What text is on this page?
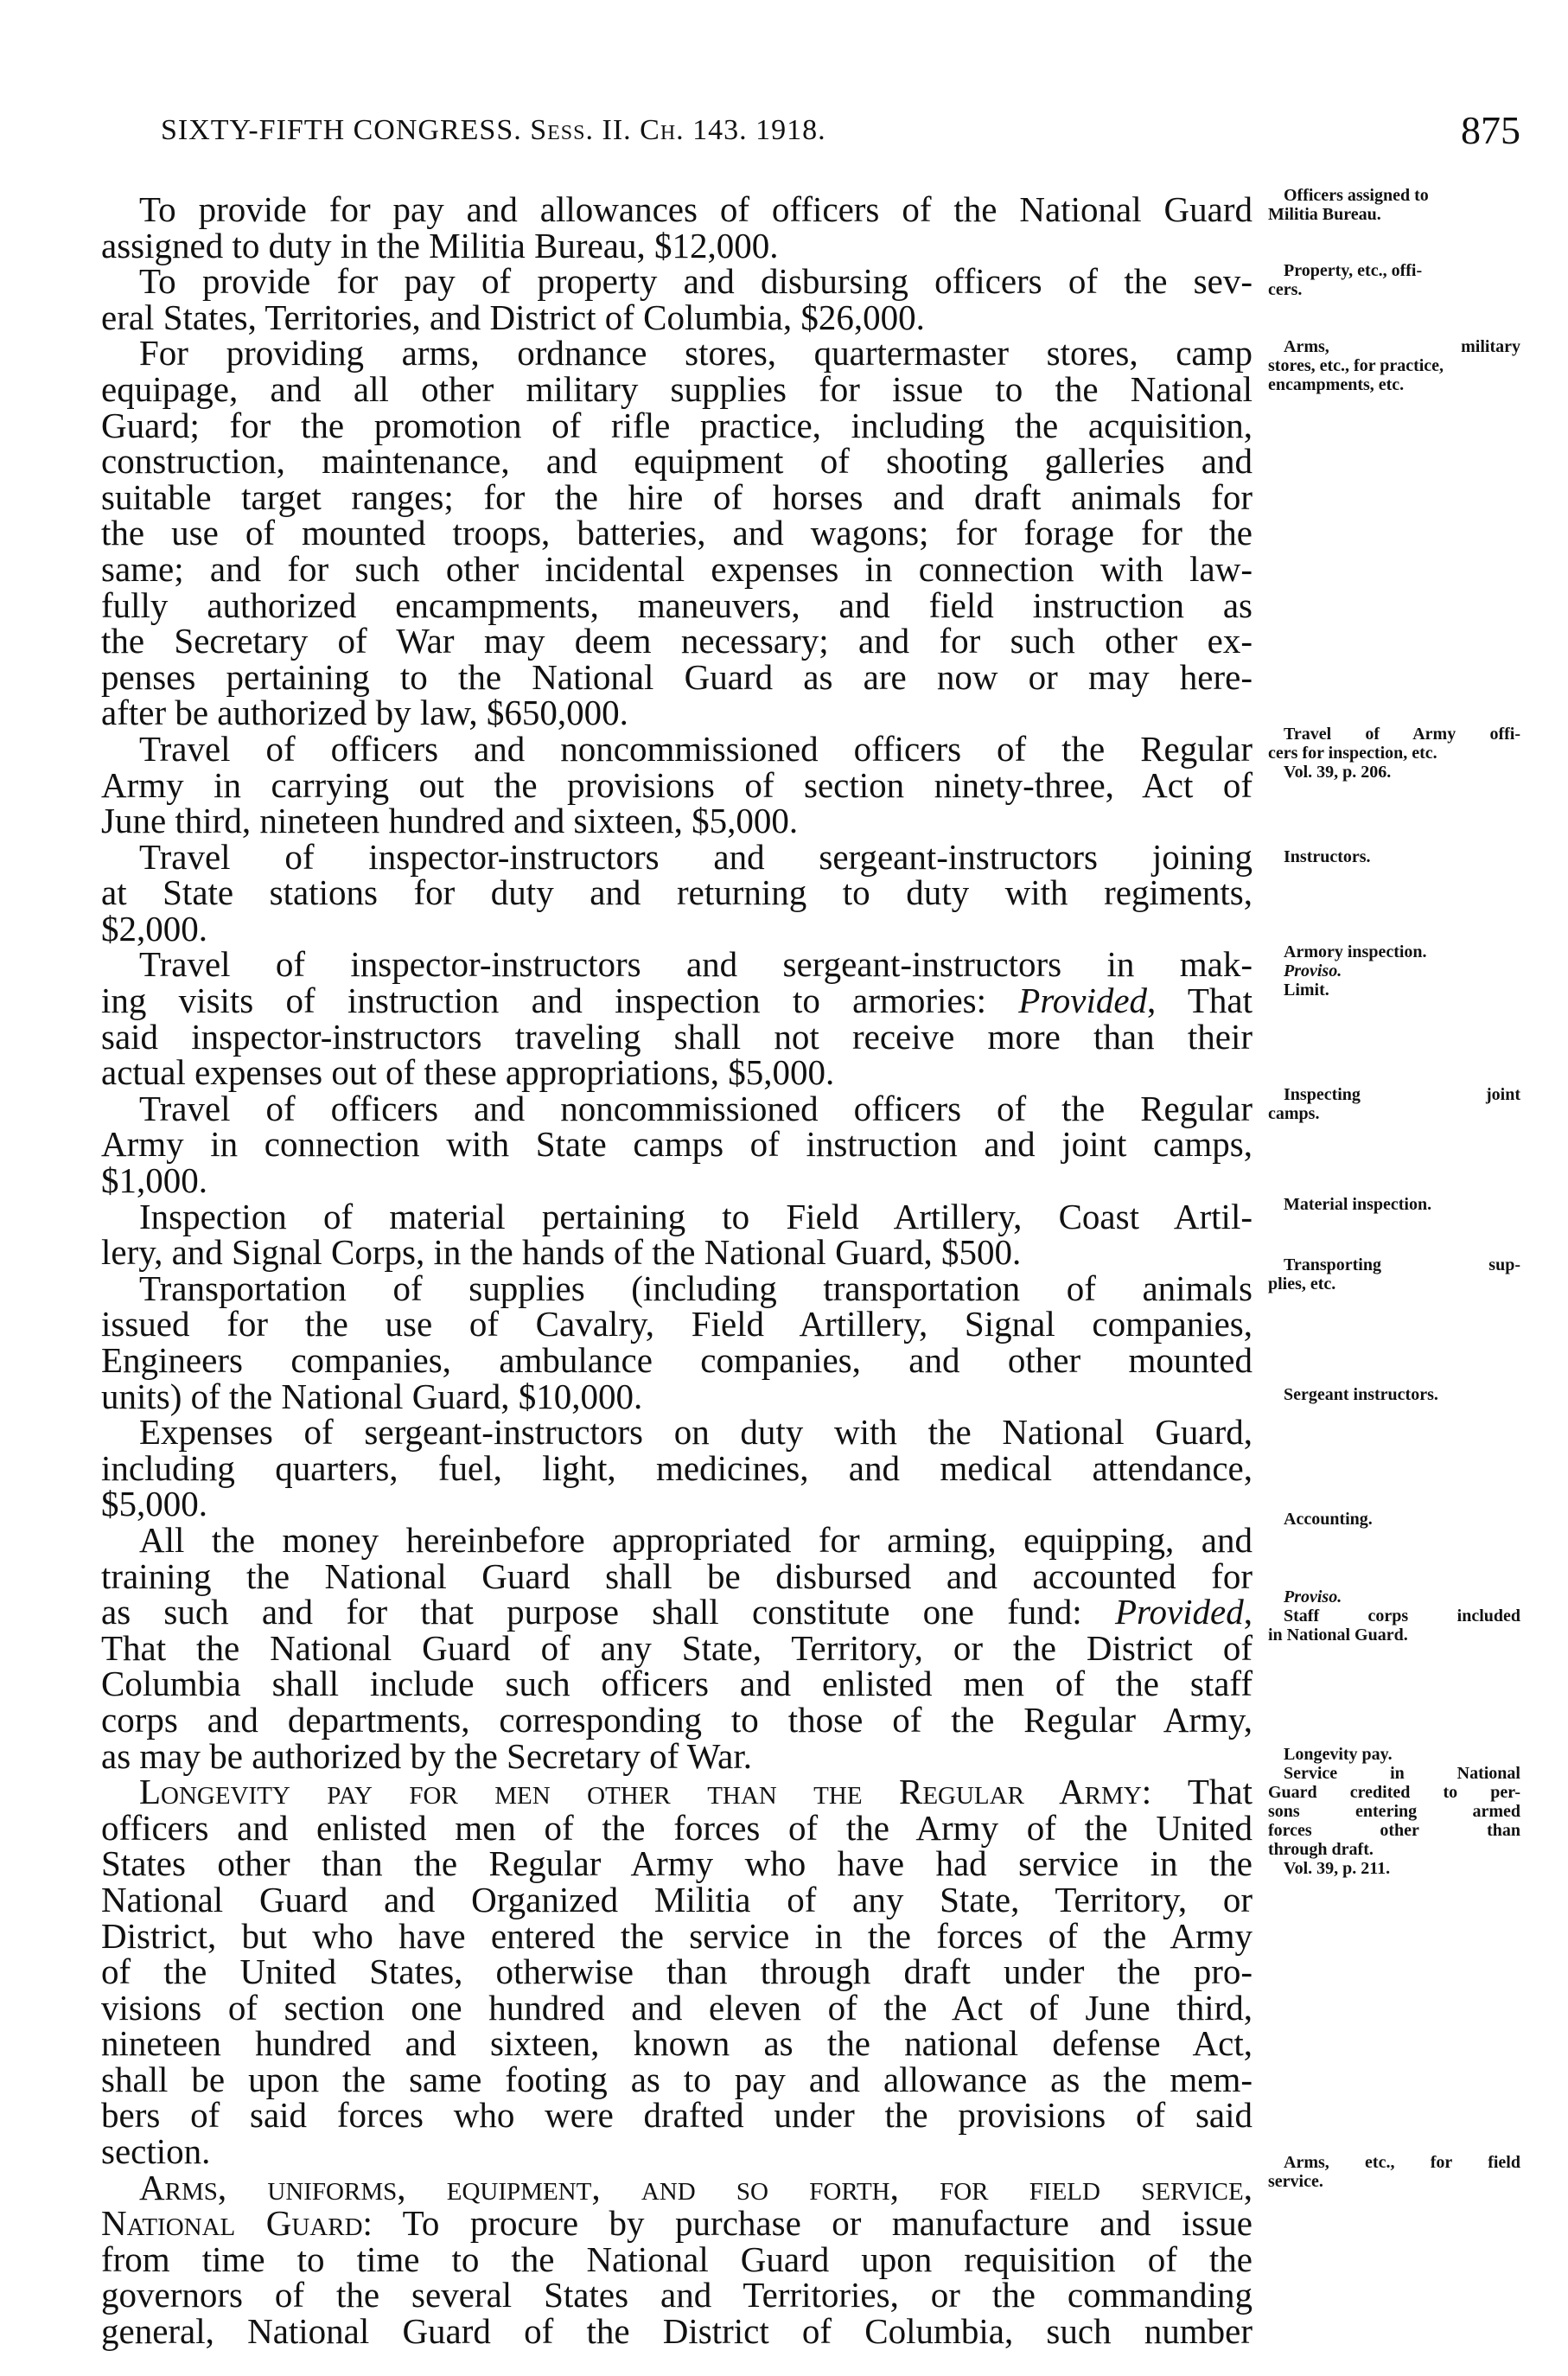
SIXTY-FIFTH CONGRESS. Sess. II. Ch. 143. 1918.	875
To provide for pay and allowances of officers of the National Guard
assigned to duty in the Militia Bureau, $12,000.
To provide for pay of property and disbursing officers of the sev-
eral States, Territories, and District of Columbia, $26,000.
For providing arms, ordnance stores, quartermaster stores, camp
equipage, and all other military supplies for issue to the National
Guard; for the promotion of rifle practice, including the acquisition,
construction, maintenance, and equipment of shooting galleries and
suitable target ranges; for the hire of horses and draft animals for
the use of mounted troops, batteries, and wagons; for forage for the
same; and for such other incidental expenses in connection with law-
fully authorized encampments, maneuvers, and field instruction as
the Secretary of War may deem necessary; and for such other ex-
penses pertaining to the National Guard as are now or may here-
after be authorized by law, $650,000.
Travel of officers and noncommissioned officers of the Regular
Army in carrying out the provisions of section ninety-three, Act of
June third, nineteen hundred and sixteen, $5,000.
Travel of inspector-instructors and sergeant-instructors joining
at State stations for duty and returning to duty with regiments,
$2,000.
Travel of inspector-instructors and sergeant-instructors in mak-
ing visits of instruction and inspection to armories: Provided, That
said inspector-instructors traveling shall not receive more than their
actual expenses out of these appropriations, $5,000.
Travel of officers and noncommissioned officers of the Regular
Army in connection with State camps of instruction and joint camps,
$1,000.
Inspection of material pertaining to Field Artillery, Coast Artil-
lery, and Signal Corps, in the hands of the National Guard, $500.
Transportation of supplies (including transportation of animals
issued for the use of Cavalry, Field Artillery, Signal companies,
Engineers companies, ambulance companies, and other mounted
units) of the National Guard, $10,000.
Expenses of sergeant-instructors on duty with the National Guard,
including quarters, fuel, light, medicines, and medical attendance,
$5,000.
All the money hereinbefore appropriated for arming, equipping, and
training the National Guard shall be disbursed and accounted for
as such and for that purpose shall constitute one fund: Provided,
That the National Guard of any State, Territory, or the District of
Columbia shall include such officers and enlisted men of the staff
corps and departments, corresponding to those of the Regular Army,
as may be authorized by the Secretary of War.
Longevity pay for men other than the Regular Army: That
officers and enlisted men of the forces of the Army of the United
States other than the Regular Army who have had service in the
National Guard and Organized Militia of any State, Territory, or
District, but who have entered the service in the forces of the Army
of the United States, otherwise than through draft under the pro-
visions of section one hundred and eleven of the Act of June third,
nineteen hundred and sixteen, known as the national defense Act,
shall be upon the same footing as to pay and allowance as the mem-
bers of said forces who were drafted under the provisions of said
section.
Arms, uniforms, equipment, and so forth, for field service,
National Guard: To procure by purchase or manufacture and issue
from time to time to the National Guard upon requisition of the
governors of the several States and Territories, or the commanding
general, National Guard of the District of Columbia, such number
Officers assigned to
Militia Bureau.
Property, etc., offi-
cers.
Arms, military
stores, etc., for practice,
encampments, etc.
Travel of Army offi-
cers for inspection, etc.
Vol. 39, p. 206.
Instructors.
Armory inspection.
Proviso.
Limit.
Inspecting joint
camps.
Material inspection.
Transporting sup-
plies, etc.
Sergeant instructors.
Accounting.
Proviso.
Staff corps included
in National Guard.
Longevity pay.
Service in National
Guard credited to per-
sons entering armed
forces other than
through draft.
Vol. 39, p. 211.
Arms, etc., for field
service.
